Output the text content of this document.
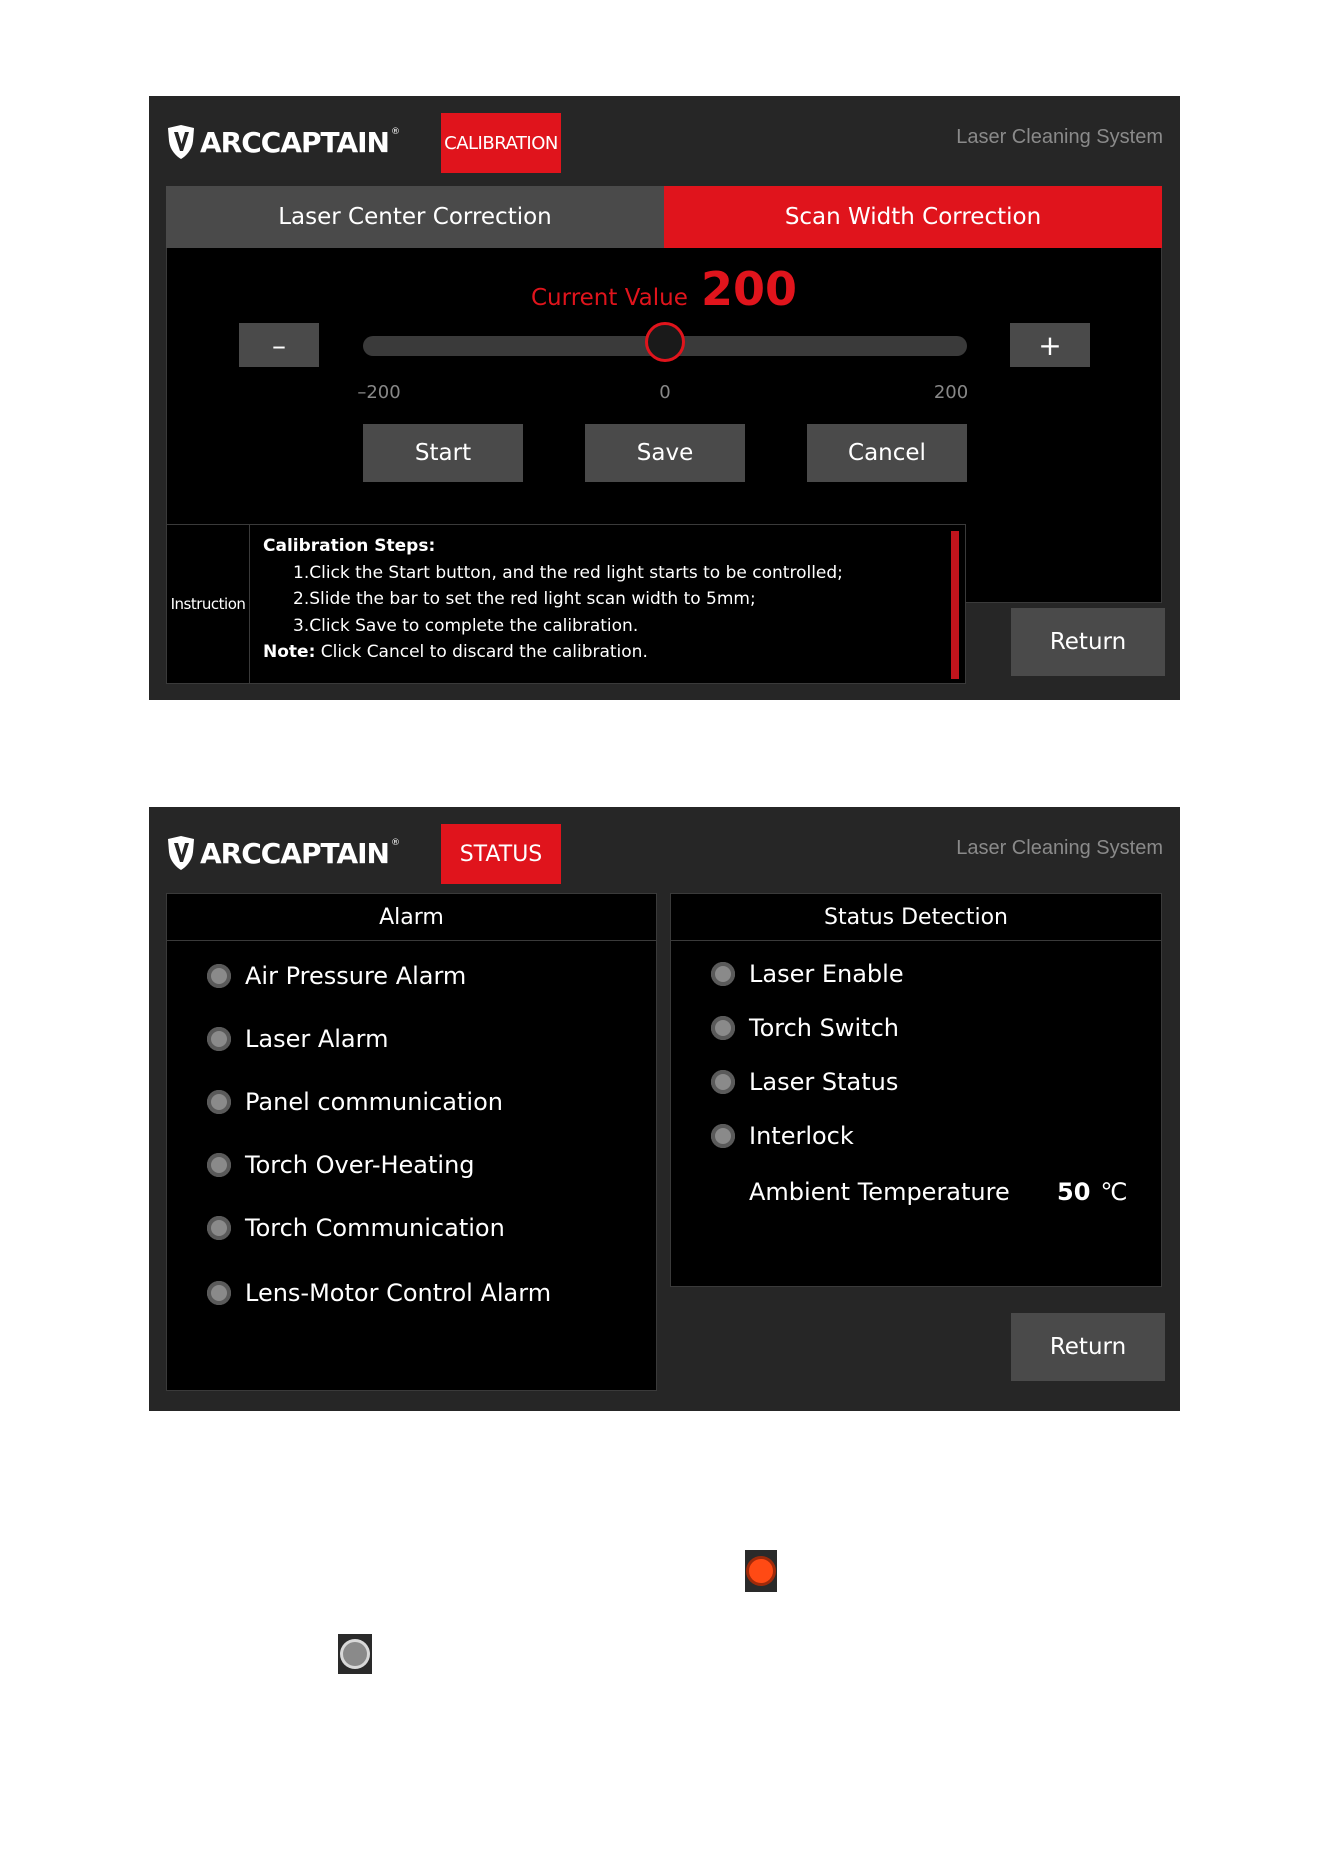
ARCCAPTAIN ®
CALIBRATION	Laser Cleaning System
Laser Center Correction	Scan Width Correction
Current Value 200
–	+
–200	0	200
Start	Save	Cancel
Instruction
Calibration Steps:
1.Click the Start button, and the red light starts to be controlled;
2.Slide the bar to set the red light scan width to 5mm;
3.Click Save to complete the calibration.
Note: Click Cancel to discard the calibration.	Return
ARCCAPTAIN ®	STATUS	Laser Cleaning System
Alarm
Air Pressure Alarm
Laser Alarm
Panel communication
Torch Over-Heating
Torch Communication
Lens-Motor Control Alarm
Status Detection
Laser Enable
Torch Switch
Laser Status
Interlock
Ambient Temperature 50 ℃
Return
